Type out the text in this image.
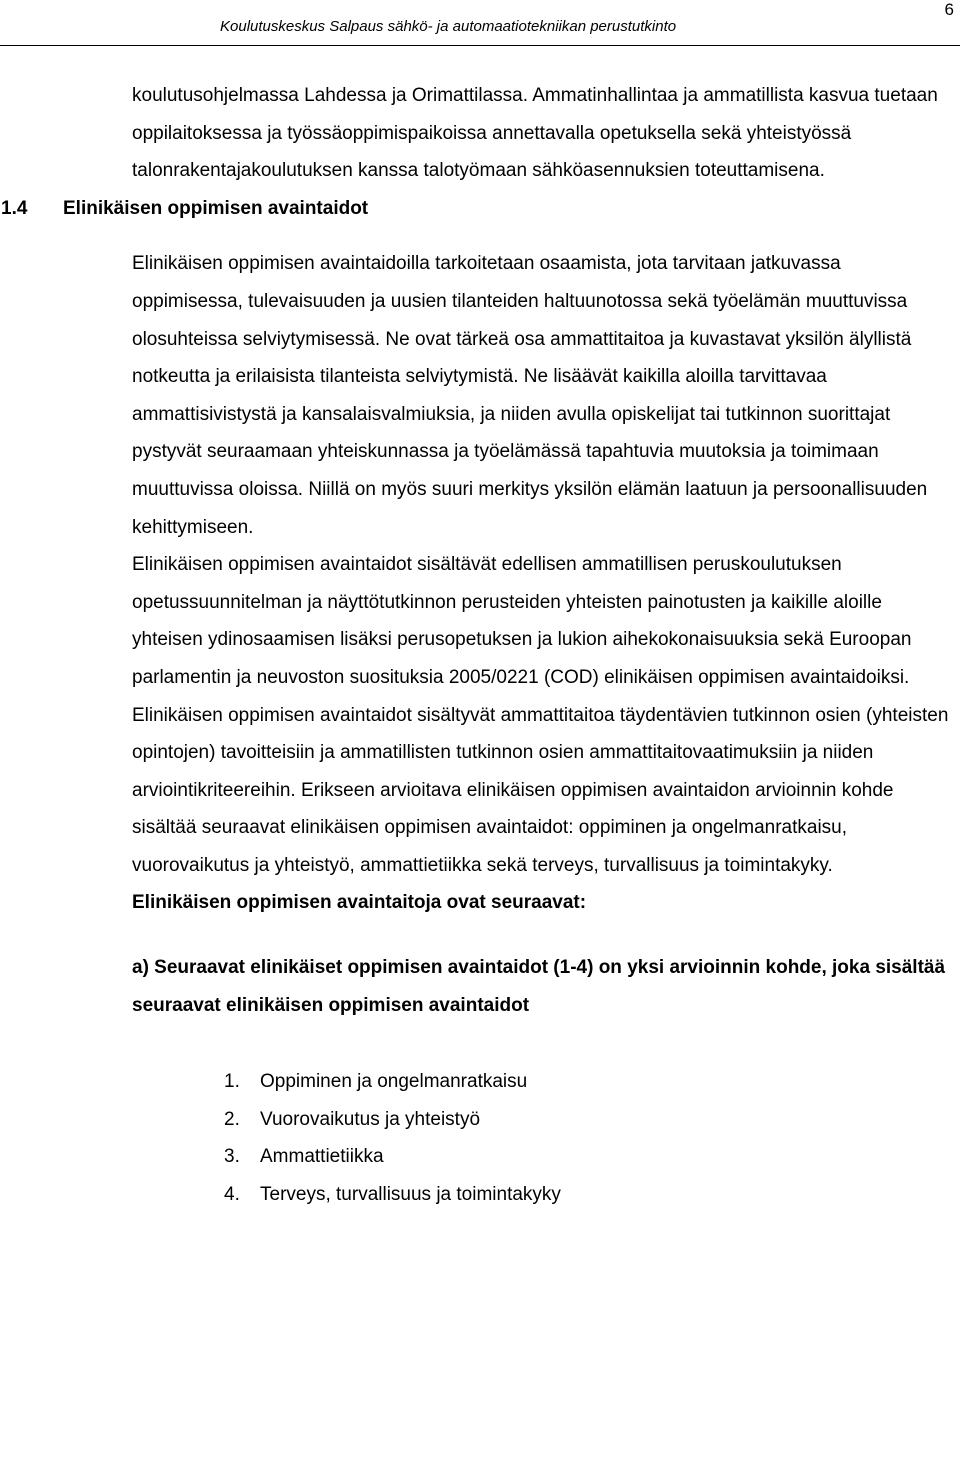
Koulutuskeskus Salpaus sähkö- ja automaatiotekniikan perustutkinto
6

koulutusohjelmassa Lahdessa ja Orimattilassa. Ammatinhallintaa ja ammatillista kasvua tuetaan oppilaitoksessa ja työssäoppimispaikoissa annettavalla opetuksella sekä yhteistyössä talonrakentajakoulutuksen kanssa talotyömaan sähköasennuksien toteuttamisena.

1.4 Elinikäisen oppimisen avaintaidot

Elinikäisen oppimisen avaintaidoilla tarkoitetaan osaamista, jota tarvitaan jatkuvassa oppimisessa, tulevaisuuden ja uusien tilanteiden haltuunotossa sekä työelämän muuttuvissa olosuhteissa selviytymisessä. Ne ovat tärkeä osa ammattitaitoa ja kuvastavat yksilön älyllistä notkeutta ja erilaisista tilanteista selviytymistä. Ne lisäävät kaikilla aloilla tarvittavaa ammattisivistystä ja kansalaisvalmiuksia, ja niiden avulla opiskelijat tai tutkinnon suorittajat pystyvät seuraamaan yhteiskunnassa ja työelämässä tapahtuvia muutoksia ja toimimaan muuttuvissa oloissa. Niillä on myös suuri merkitys yksilön elämän laatuun ja persoonallisuuden kehittymiseen.

Elinikäisen oppimisen avaintaidot sisältävät edellisen ammatillisen peruskoulutuksen opetussuunnitelman ja näyttötutkinnon perusteiden yhteisten painotusten ja kaikille aloille yhteisen ydinosaamisen lisäksi perusopetuksen ja lukion aihekokonaisuuksia sekä Euroopan parlamentin ja neuvoston suosituksia 2005/0221 (COD) elinikäisen oppimisen avaintaidoiksi.

Elinikäisen oppimisen avaintaidot sisältyvät ammattitaitoa täydentävien tutkinnon osien (yhteisten opintojen) tavoitteisiin ja ammatillisten tutkinnon osien ammattitaitovaatimuksiin ja niiden arviointikriteereihin. Erikseen arvioitava elinikäisen oppimisen avaintaidon arvioinnin kohde sisältää seuraavat elinikäisen oppimisen avaintaidot: oppiminen ja ongelmanratkaisu, vuorovaikutus ja yhteistyö, ammattietiikka sekä terveys, turvallisuus ja toimintakyky.

Elinikäisen oppimisen avaintaitoja ovat seuraavat:

a) Seuraavat elinikäiset oppimisen avaintaidot (1-4) on yksi arvioinnin kohde, joka sisältää seuraavat elinikäisen oppimisen avaintaidot

1. Oppiminen ja ongelmanratkaisu
2. Vuorovaikutus ja yhteistyö
3. Ammattietiikka
4. Terveys, turvallisuus ja toimintakyky
